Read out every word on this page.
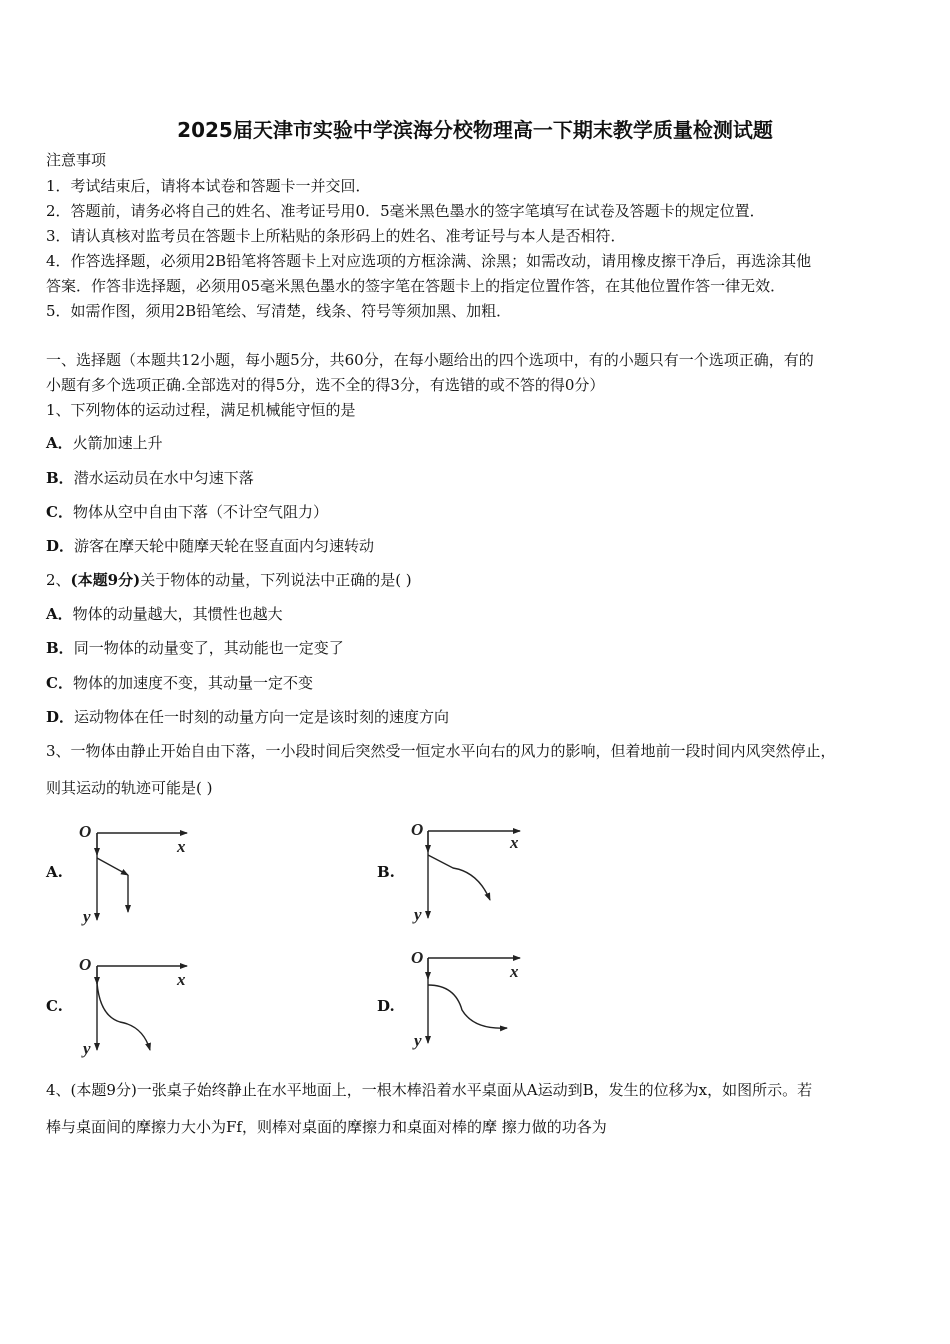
2025届天津市实验中学滨海分校物理高一下期末教学质量检测试题
注意事项
1．考试结束后，请将本试卷和答题卡一并交回．
2．答题前，请务必将自己的姓名、准考证号用0．5毫米黑色墨水的签字笔填写在试卷及答题卡的规定位置．
3．请认真核对监考员在答题卡上所粘贴的条形码上的姓名、准考证号与本人是否相符．
4．作答选择题，必须用2B铅笔将答题卡上对应选项的方框涂满、涂黑；如需改动，请用橡皮擦干净后，再选涂其他
答案．作答非选择题，必须用05毫米黑色墨水的签字笔在答题卡上的指定位置作答，在其他位置作答一律无效．
5．如需作图，须用2B铅笔绘、写清楚，线条、符号等须加黑、加粗．
一、选择题（本题共12小题，每小题5分，共60分，在每小题给出的四个选项中，有的小题只有一个选项正确，有的
小题有多个选项正确.全部选对的得5分，选不全的得3分，有选错的或不答的得0分）
1、下列物体的运动过程，满足机械能守恒的是
A．火箭加速上升
B．潜水运动员在水中匀速下落
C．物体从空中自由下落（不计空气阻力）
D．游客在摩天轮中随摩天轮在竖直面内匀速转动
2、(本题9分)关于物体的动量，下列说法中正确的是( )
A．物体的动量越大，其惯性也越大
B．同一物体的动量变了，其动能也一定变了
C．物体的加速度不变，其动量一定不变
D．运动物体在任一时刻的动量方向一定是该时刻的速度方向
3、一物体由静止开始自由下落，一小段时间后突然受一恒定水平向右的风力的影响，但着地前一段时间内风突然停止，
则其运动的轨迹可能是( )
A.	B.
C.	D.
O
x
y
O
x
y
O
x
y
O
x
y
4、(本题9分)一张桌子始终静止在水平地面上，一根木棒沿着水平桌面从A运动到B，发生的位移为x，如图所示。若
棒与桌面间的摩擦力大小为Ff，则棒对桌面的摩擦力和桌面对棒的摩 擦力做的功各为
